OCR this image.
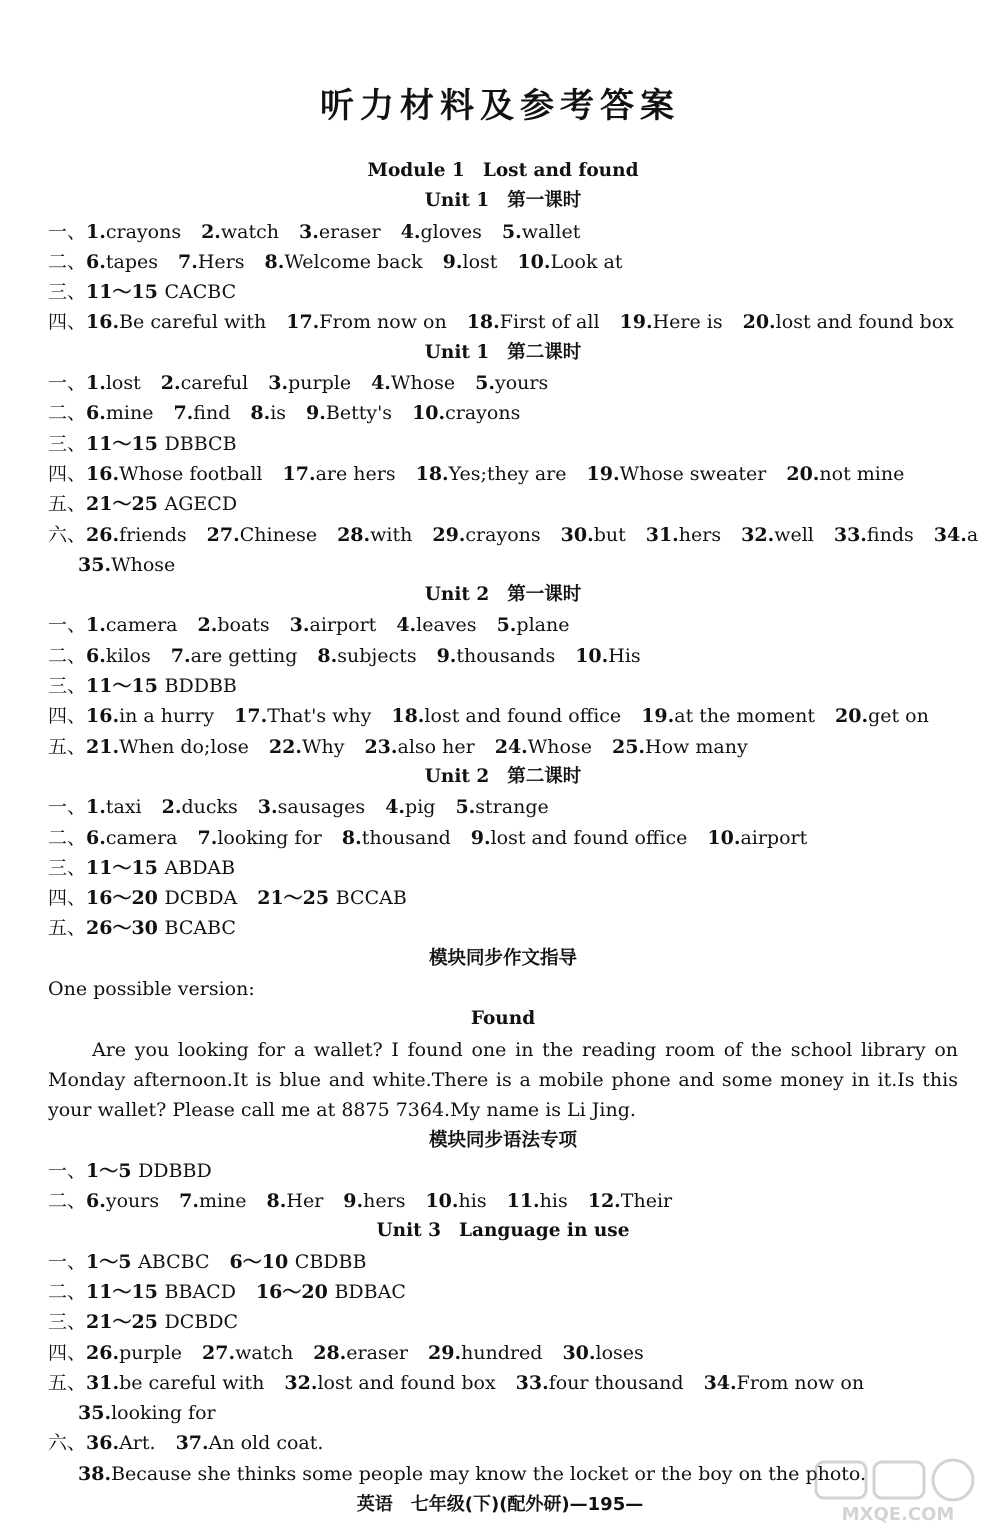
听力材料及参考答案
Module 1 Lost and found
Unit 1 第一课时
一、1.crayons 2.watch 3.eraser 4.gloves 5.wallet
二、6.tapes 7.Hers 8.Welcome back 9.lost 10.Look at
三、11～15 CACBC
四、16.Be careful with 17.From now on 18.First of all 19.Here is 20.lost and found box
Unit 1 第二课时
一、1.lost 2.careful 3.purple 4.Whose 5.yours
二、6.mine 7.find 8.is 9.Betty's 10.crayons
三、11～15 DBBCB
四、16.Whose football 17.are hers 18.Yes;they are 19.Whose sweater 20.not mine
五、21～25 AGECD
六、26.friends 27.Chinese 28.with 29.crayons 30.but 31.hers 32.well 33.finds 34.a
35.Whose
Unit 2 第一课时
一、1.camera 2.boats 3.airport 4.leaves 5.plane
二、6.kilos 7.are getting 8.subjects 9.thousands 10.His
三、11～15 BDDBB
四、16.in a hurry 17.That's why 18.lost and found office 19.at the moment 20.get on
五、21.When do;lose 22.Why 23.also her 24.Whose 25.How many
Unit 2 第二课时
一、1.taxi 2.ducks 3.sausages 4.pig 5.strange
二、6.camera 7.looking for 8.thousand 9.lost and found office 10.airport
三、11～15 ABDAB
四、16～20 DCBDA 21～25 BCCAB
五、26～30 BCABC
模块同步作文指导
One possible version:
Found
Are you looking for a wallet? I found one in the reading room of the school library on Monday afternoon.It is blue and white.There is a mobile phone and some money in it.Is this your wallet? Please call me at 8875 7364.My name is Li Jing.
模块同步语法专项
一、1～5 DDBBD
二、6.yours 7.mine 8.Her 9.hers 10.his 11.his 12.Their
Unit 3 Language in use
一、1～5 ABCBC 6～10 CBDBB
二、11～15 BBACD 16～20 BDBAC
三、21～25 DCBDC
四、26.purple 27.watch 28.eraser 29.hundred 30.loses
五、31.be careful with 32.lost and found box 33.four thousand 34.From now on
35.looking for
六、36.Art. 37.An old coat.
38.Because she thinks some people may know the locket or the boy on the photo.
英语　七年级(下)(配外研)—195—	MXQE.COM
